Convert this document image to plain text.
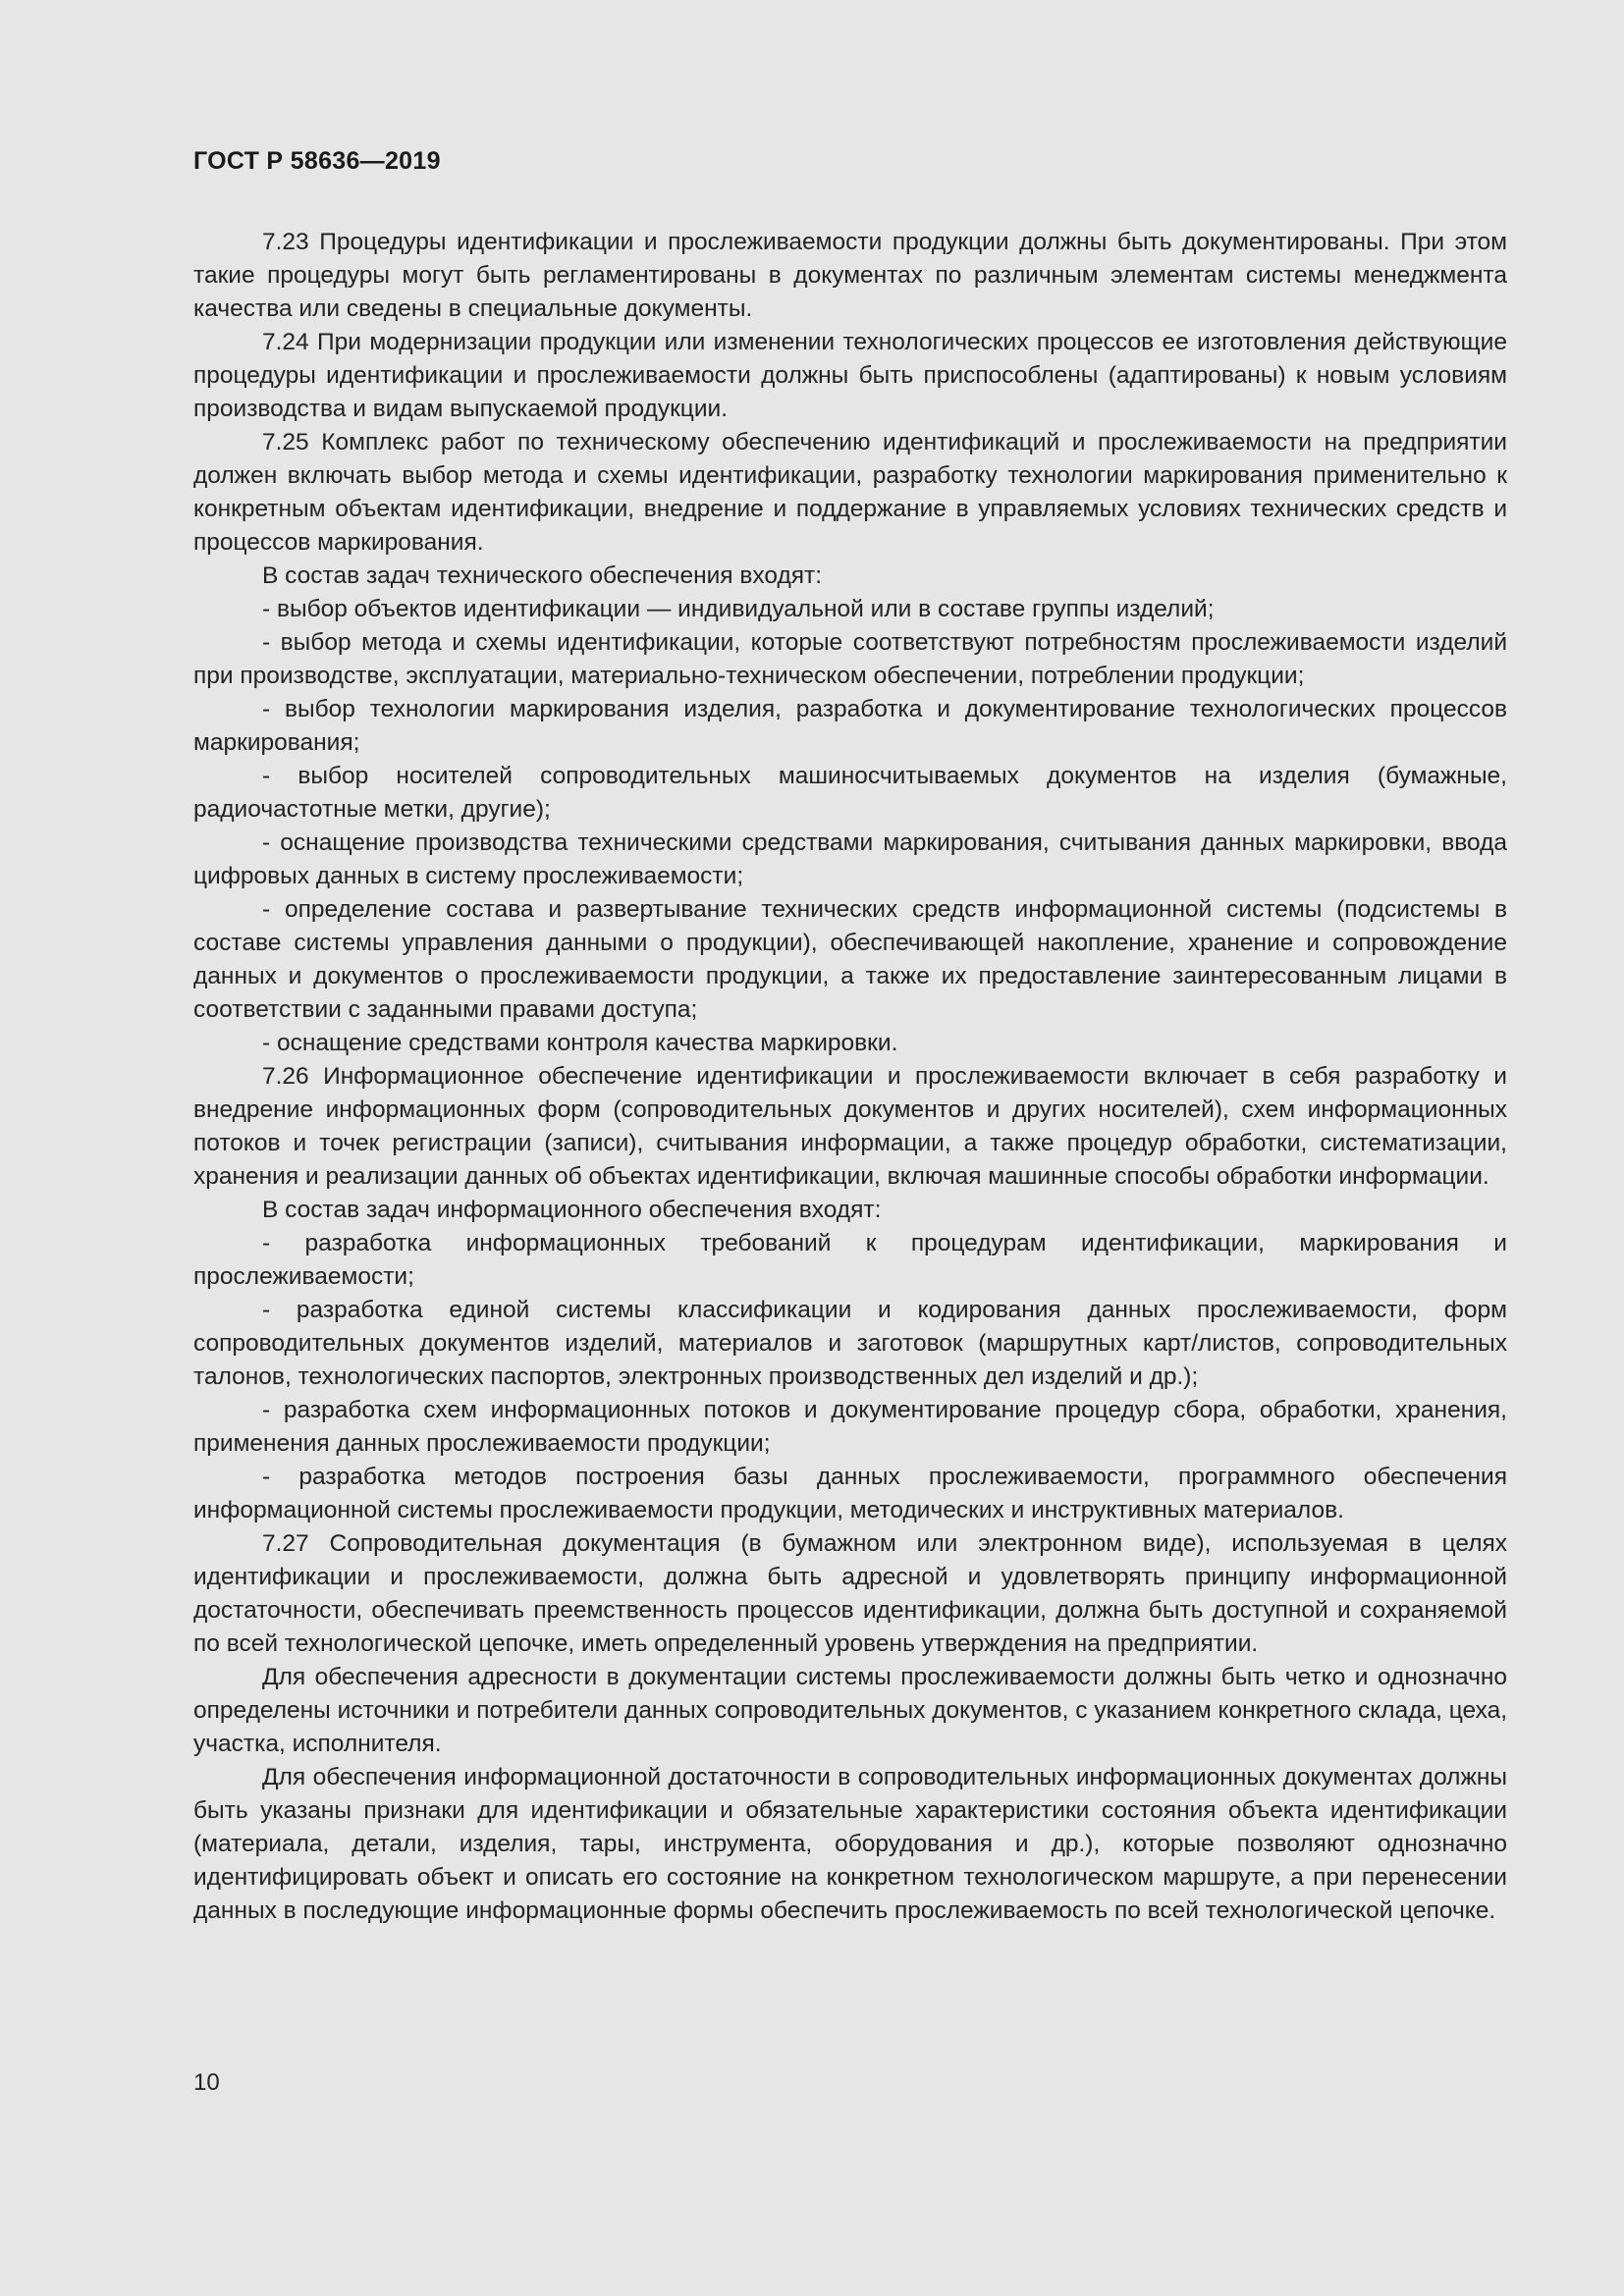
ГОСТ Р 58636—2019

7.23 Процедуры идентификации и прослеживаемости продукции должны быть документированы. При этом такие процедуры могут быть регламентированы в документах по различным элементам системы менеджмента качества или сведены в специальные документы.

7.24 При модернизации продукции или изменении технологических процессов ее изготовления действующие процедуры идентификации и прослеживаемости должны быть приспособлены (адаптированы) к новым условиям производства и видам выпускаемой продукции.

7.25 Комплекс работ по техническому обеспечению идентификаций и прослеживаемости на предприятии должен включать выбор метода и схемы идентификации, разработку технологии маркирования применительно к конкретным объектам идентификации, внедрение и поддержание в управляемых условиях технических средств и процессов маркирования.

В состав задач технического обеспечения входят:

- выбор объектов идентификации — индивидуальной или в составе группы изделий;

- выбор метода и схемы идентификации, которые соответствуют потребностям прослеживаемости изделий при производстве, эксплуатации, материально-техническом обеспечении, потреблении продукции;

- выбор технологии маркирования изделия, разработка и документирование технологических процессов маркирования;

- выбор носителей сопроводительных машиносчитываемых документов на изделия (бумажные, радиочастотные метки, другие);

- оснащение производства техническими средствами маркирования, считывания данных маркировки, ввода цифровых данных в систему прослеживаемости;

- определение состава и развертывание технических средств информационной системы (подсистемы в составе системы управления данными о продукции), обеспечивающей накопление, хранение и сопровождение данных и документов о прослеживаемости продукции, а также их предоставление заинтересованным лицами в соответствии с заданными правами доступа;

- оснащение средствами контроля качества маркировки.

7.26 Информационное обеспечение идентификации и прослеживаемости включает в себя разработку и внедрение информационных форм (сопроводительных документов и других носителей), схем информационных потоков и точек регистрации (записи), считывания информации, а также процедур обработки, систематизации, хранения и реализации данных об объектах идентификации, включая машинные способы обработки информации.

В состав задач информационного обеспечения входят:

- разработка информационных требований к процедурам идентификации, маркирования и прослеживаемости;

- разработка единой системы классификации и кодирования данных прослеживаемости, форм сопроводительных документов изделий, материалов и заготовок (маршрутных карт/листов, сопроводительных талонов, технологических паспортов, электронных производственных дел изделий и др.);

- разработка схем информационных потоков и документирование процедур сбора, обработки, хранения, применения данных прослеживаемости продукции;

- разработка методов построения базы данных прослеживаемости, программного обеспечения информационной системы прослеживаемости продукции, методических и инструктивных материалов.

7.27 Сопроводительная документация (в бумажном или электронном виде), используемая в целях идентификации и прослеживаемости, должна быть адресной и удовлетворять принципу информационной достаточности, обеспечивать преемственность процессов идентификации, должна быть доступной и сохраняемой по всей технологической цепочке, иметь определенный уровень утверждения на предприятии.

Для обеспечения адресности в документации системы прослеживаемости должны быть четко и однозначно определены источники и потребители данных сопроводительных документов, с указанием конкретного склада, цеха, участка, исполнителя.

Для обеспечения информационной достаточности в сопроводительных информационных документах должны быть указаны признаки для идентификации и обязательные характеристики состояния объекта идентификации (материала, детали, изделия, тары, инструмента, оборудования и др.), которые позволяют однозначно идентифицировать объект и описать его состояние на конкретном технологическом маршруте, а при перенесении данных в последующие информационные формы обеспечить прослеживаемость по всей технологической цепочке.

10
